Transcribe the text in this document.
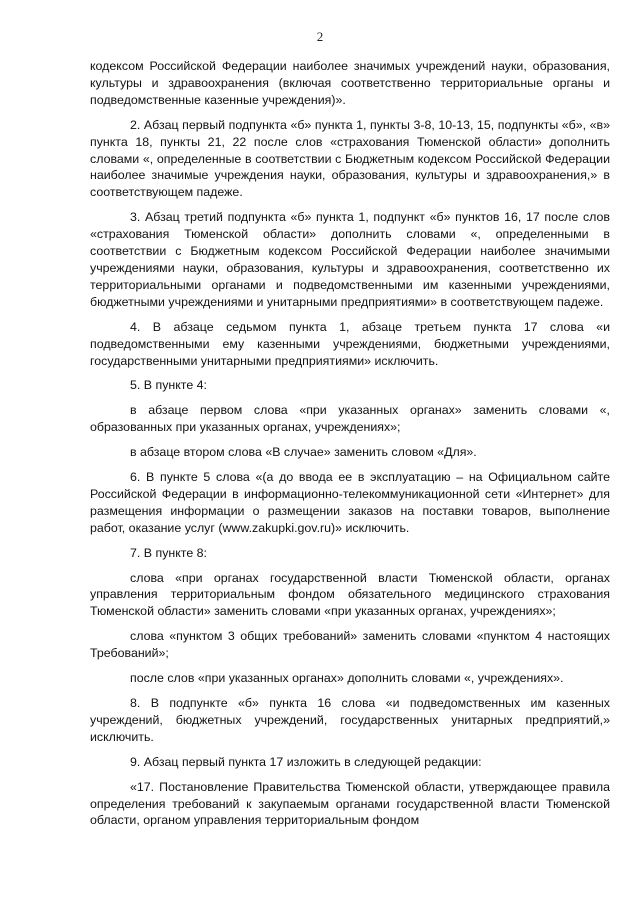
2

кодексом Российской Федерации наиболее значимых учреждений науки, образования, культуры и здравоохранения (включая соответственно территориальные органы и подведомственные казенные учреждения)».

2. Абзац первый подпункта «б» пункта 1, пункты 3-8, 10-13, 15, подпункты «б», «в» пункта 18, пункты 21, 22 после слов «страхования Тюменской области» дополнить словами «, определенные в соответствии с Бюджетным кодексом Российской Федерации наиболее значимые учреждения науки, образования, культуры и здравоохранения,» в соответствующем падеже.

3. Абзац третий подпункта «б» пункта 1, подпункт «б» пунктов 16, 17 после слов «страхования Тюменской области» дополнить словами «, определенными в соответствии с Бюджетным кодексом Российской Федерации наиболее значимыми учреждениями науки, образования, культуры и здравоохранения, соответственно их территориальными органами и подведомственными им казенными учреждениями, бюджетными учреждениями и унитарными предприятиями» в соответствующем падеже.

4. В абзаце седьмом пункта 1, абзаце третьем пункта 17 слова «и подведомственными ему казенными учреждениями, бюджетными учреждениями, государственными унитарными предприятиями» исключить.

5. В пункте 4:

в абзаце первом слова «при указанных органах» заменить словами «, образованных при указанных органах, учреждениях»;

в абзаце втором слова «В случае» заменить словом «Для».

6. В пункте 5 слова «(а до ввода ее в эксплуатацию – на Официальном сайте Российской Федерации в информационно-телекоммуникационной сети «Интернет» для размещения информации о размещении заказов на поставки товаров, выполнение работ, оказание услуг (www.zakupki.gov.ru)» исключить.

7. В пункте 8:

слова «при органах государственной власти Тюменской области, органах управления территориальным фондом обязательного медицинского страхования Тюменской области» заменить словами «при указанных органах, учреждениях»;

слова «пунктом 3 общих требований» заменить словами «пунктом 4 настоящих Требований»;

после слов «при указанных органах» дополнить словами «, учреждениях».

8. В подпункте «б» пункта 16 слова «и подведомственных им казенных учреждений, бюджетных учреждений, государственных унитарных предприятий,» исключить.

9. Абзац первый пункта 17 изложить в следующей редакции:

«17. Постановление Правительства Тюменской области, утверждающее правила определения требований к закупаемым органами государственной власти Тюменской области, органом управления территориальным фондом
